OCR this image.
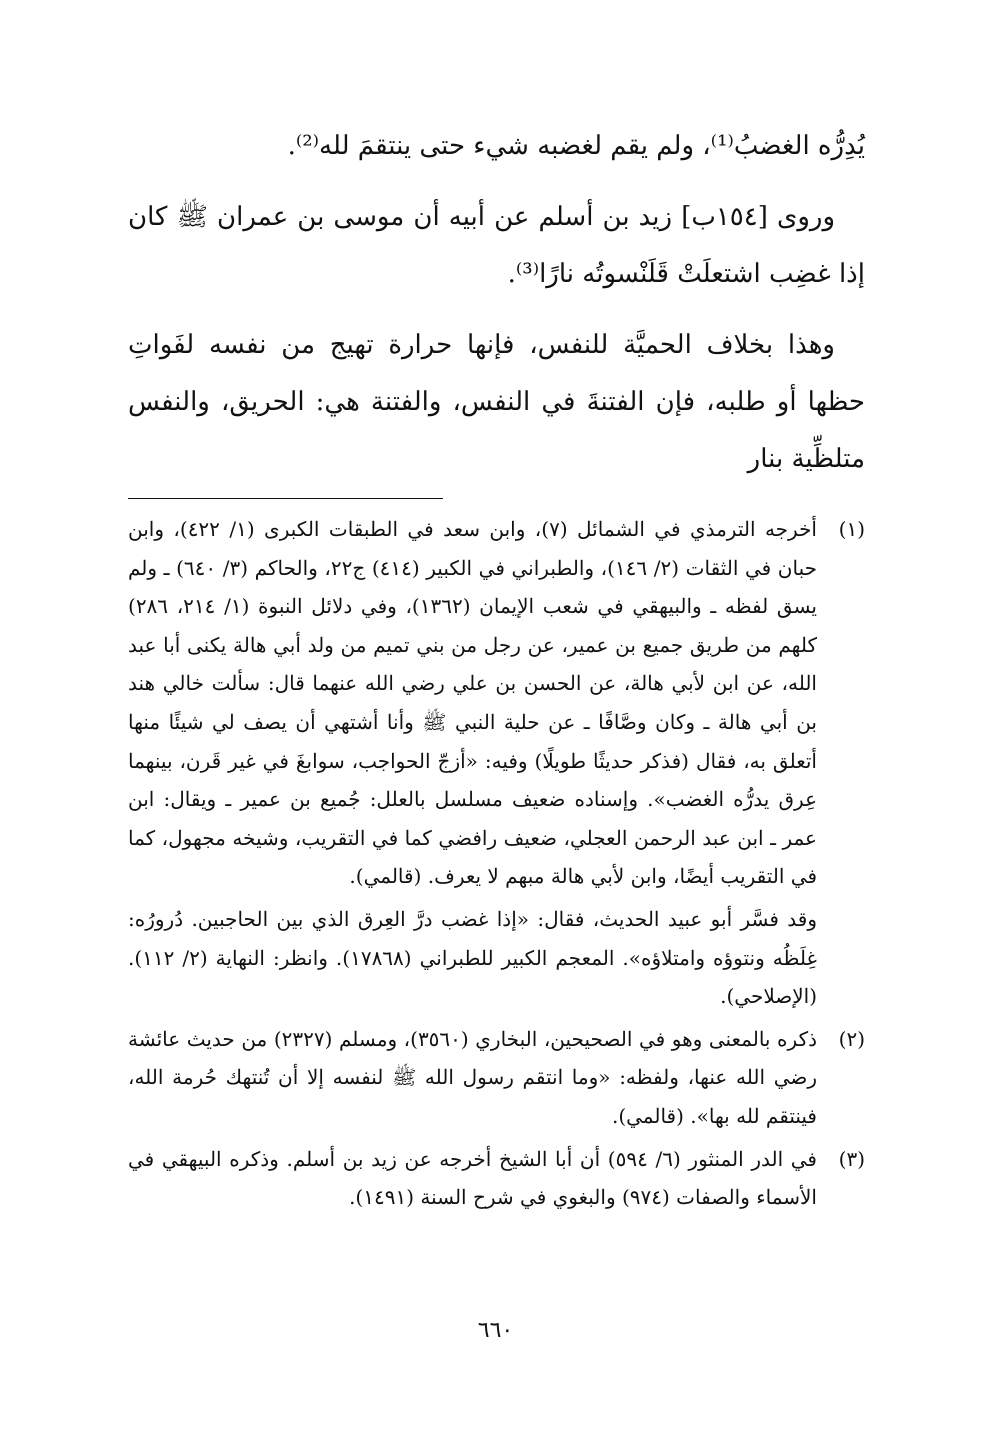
يُدِرُّه الغضبُ⁽¹⁾، ولم يقم لغضبه شيء حتى ينتقمَ لله⁽²⁾.

وروى [١٥٤ب] زيد بن أسلم عن أبيه أن موسى بن عمران ﷺ كان إذا غضِب اشتعلَتْ قَلَنْسوتُه نارًا⁽³⁾.

وهذا بخلاف الحميَّة للنفس، فإنها حرارة تهيج من نفسه لفَواتِ حظها أو طلبه، فإن الفتنةَ في النفس، والفتنة هي: الحريق، والنفس متلظِّية بنار

(١)
أخرجه الترمذي في الشمائل (٧)، وابن سعد في الطبقات الكبرى (١/ ٤٢٢)، وابن حبان في الثقات (٢/ ١٤٦)، والطبراني في الكبير (٤١٤) ج٢٢، والحاكم (٣/ ٦٤٠) ـ ولم يسق لفظه ـ والبيهقي في شعب الإيمان (١٣٦٢)، وفي دلائل النبوة (١/ ٢١٤، ٢٨٦) كلهم من طريق جميع بن عمير، عن رجل من بني تميم من ولد أبي هالة يكنى أبا عبد الله، عن ابن لأبي هالة، عن الحسن بن علي رضي الله عنهما قال: سألت خالي هند بن أبي هالة ـ وكان وصَّافًا ـ عن حلية النبي ﷺ وأنا أشتهي أن يصف لي شيئًا منها أتعلق به، فقال (فذكر حديثًا طويلًا) وفيه: «أزجّ الحواجب، سوابغَ في غير قَرن، بينهما عِرق يدرُّه الغضب». وإسناده ضعيف مسلسل بالعلل: جُميع بن عمير ـ ويقال: ابن عمر ـ ابن عبد الرحمن العجلي، ضعيف رافضي كما في التقريب، وشيخه مجهول، كما في التقريب أيضًا، وابن لأبي هالة مبهم لا يعرف. (قالمي).
وقد فسَّر أبو عبيد الحديث، فقال: «إذا غضب درَّ العِرق الذي بين الحاجبين. دُرورُه: غِلَظُه ونتوؤه وامتلاؤه». المعجم الكبير للطبراني (١٧٨٦٨). وانظر: النهاية (٢/ ١١٢). (الإصلاحي).
(٢)
ذكره بالمعنى وهو في الصحيحين، البخاري (٣٥٦٠)، ومسلم (٢٣٢٧) من حديث عائشة رضي الله عنها، ولفظه: «وما انتقم رسول الله ﷺ لنفسه إلا أن تُنتهك حُرمة الله، فينتقم لله بها». (قالمي).
(٣)
في الدر المنثور (٦/ ٥٩٤) أن أبا الشيخ أخرجه عن زيد بن أسلم. وذكره البيهقي في الأسماء والصفات (٩٧٤) والبغوي في شرح السنة (١٤٩١).
٦٦٠
